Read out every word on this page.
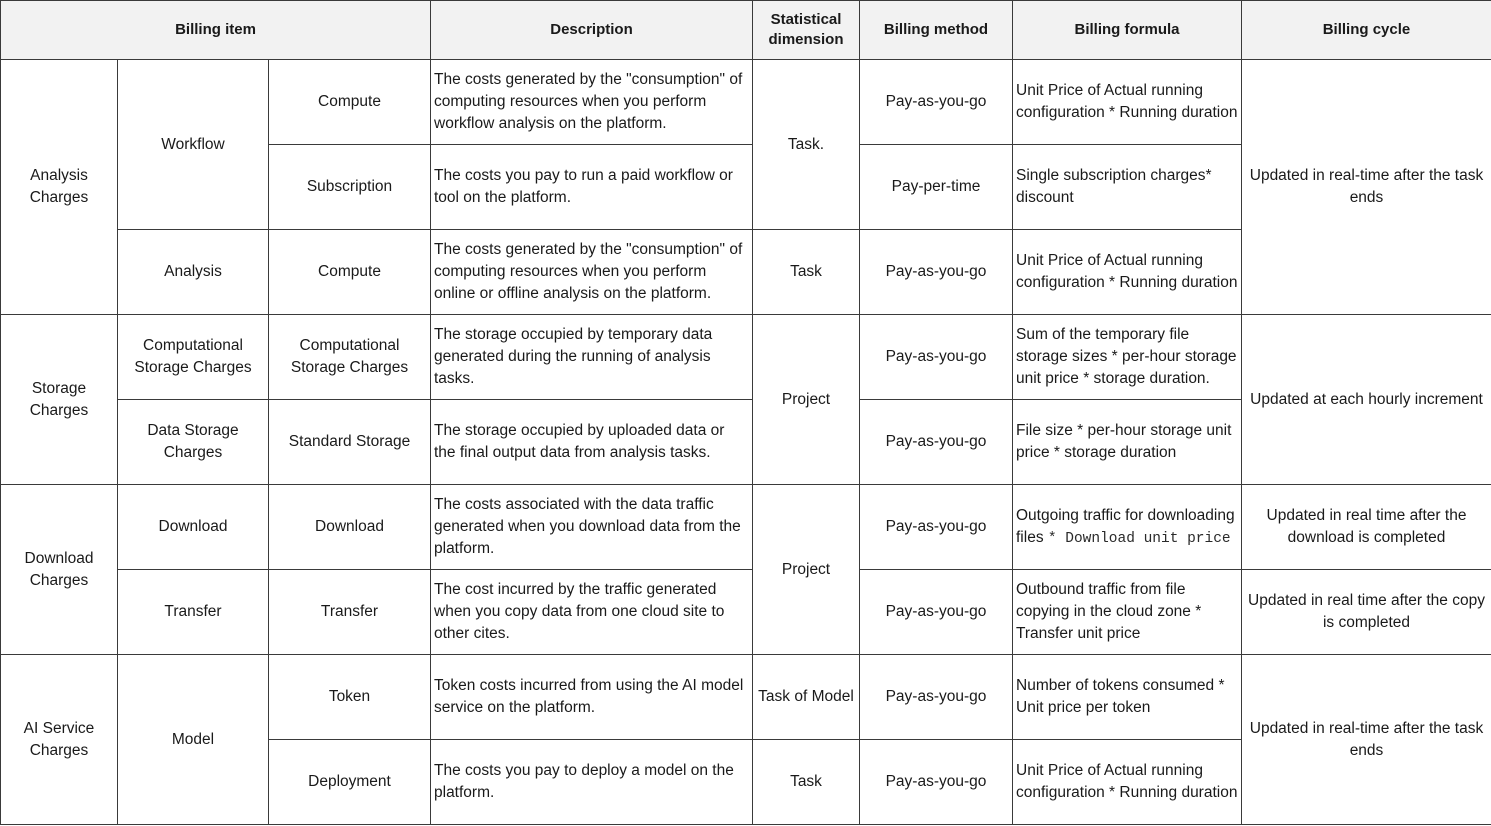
Billing item			Description	Statistical dimension	Billing method	Billing formula	Billing cycle
Analysis Charges	Workflow	Compute	The costs generated by the "consumption" of computing resources when you perform workflow analysis on the platform.	Task.	Pay-as-you-go	Unit Price of Actual running configuration * Running duration	Updated in real-time after the task ends
		Subscription	The costs you pay to run a paid workflow or tool on the platform.		Pay-per-time	Single subscription charges* discount	
	Analysis	Compute	The costs generated by the "consumption" of computing resources when you perform online or offline analysis on the platform.	Task	Pay-as-you-go	Unit Price of Actual running configuration * Running duration	
Storage Charges	Computational Storage Charges	Computational Storage Charges	The storage occupied by temporary data generated during the running of analysis tasks.	Project	Pay-as-you-go	Sum of the temporary file storage sizes * per-hour storage unit price * storage duration.	Updated at each hourly increment
	Data Storage Charges	Standard Storage	The storage occupied by uploaded data or the final output data from analysis tasks.		Pay-as-you-go	File size * per-hour storage unit price * storage duration	
Download Charges	Download	Download	The costs associated with the data traffic generated when you download data from the platform.	Project	Pay-as-you-go	Outgoing traffic for downloading files * Download unit price	Updated in real time after the download is completed
	Transfer	Transfer	The cost incurred by the traffic generated when you copy data from one cloud site to other cites.		Pay-as-you-go	Outbound traffic from file copying in the cloud zone * Transfer unit price	Updated in real time after the copy is completed
AI Service Charges	Model	Token	Token costs incurred from using the AI model service on the platform.	Task of Model	Pay-as-you-go	Number of tokens consumed * Unit price per token	Updated in real-time after the task ends
		Deployment	The costs you pay to deploy a model on the platform.	Task	Pay-as-you-go	Unit Price of Actual running configuration * Running duration	
